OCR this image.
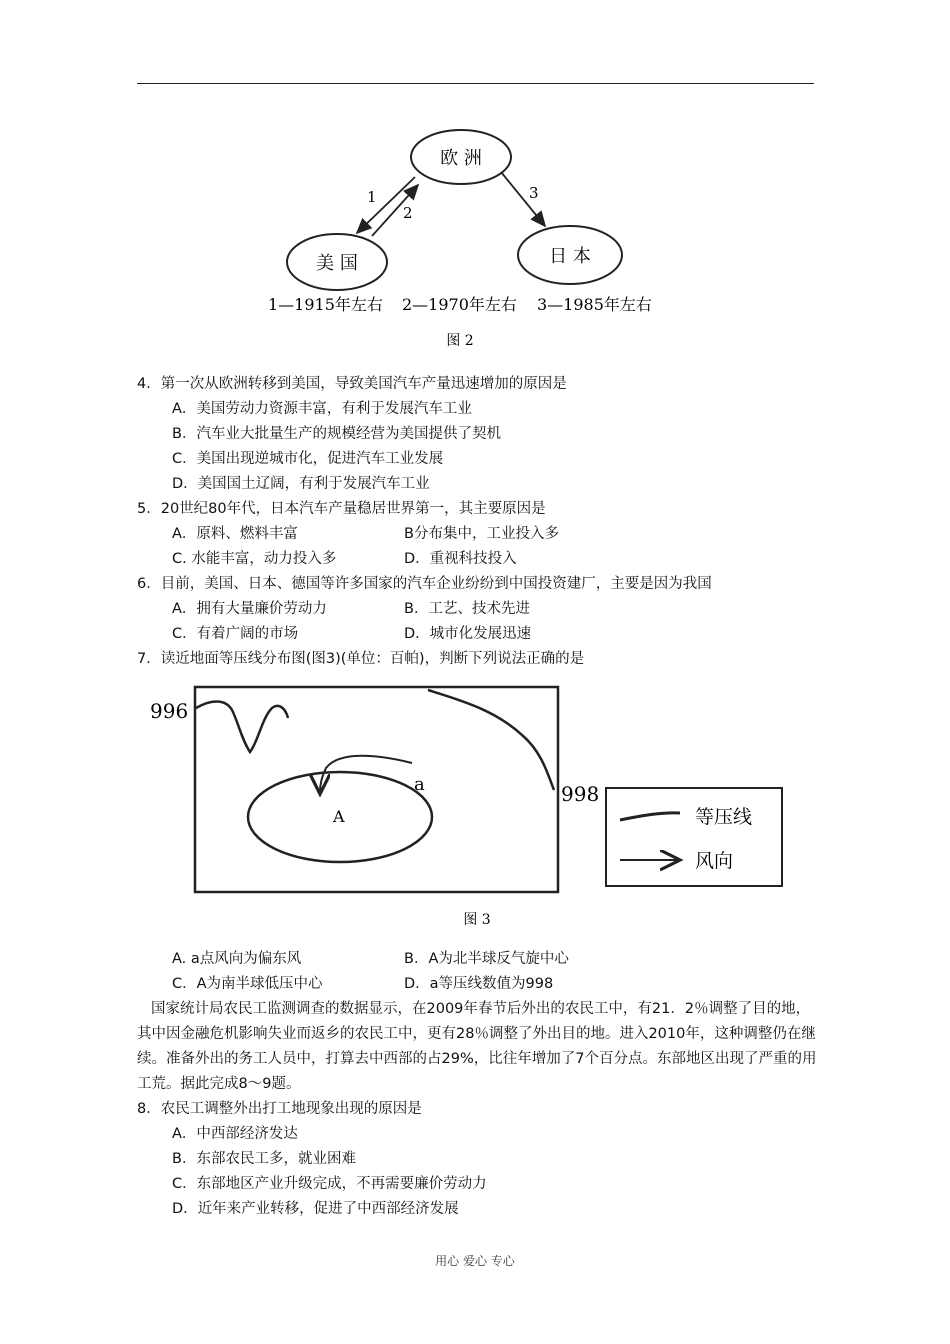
欧 洲
美 国	日 本
1
2
3
1—1915年左右 2—1970年左右 3—1985年左右
图 2
4．第一次从欧洲转移到美国，导致美国汽车产量迅速增加的原因是
A．美国劳动力资源丰富，有利于发展汽车工业
B．汽车业大批量生产的规模经营为美国提供了契机
C．美国出现逆城市化，促进汽车工业发展
D．美国国土辽阔，有利于发展汽车工业
5．20世纪80年代，日本汽车产量稳居世界第一，其主要原因是
A．原料、燃料丰富	B分布集中，工业投入多
C. 水能丰富，动力投入多	D．重视科技投入
6．目前，美国、日本、德国等许多国家的汽车企业纷纷到中国投资建厂，主要是因为我国
A．拥有大量廉价劳动力	B．工艺、技术先进
C．有着广阔的市场	D．城市化发展迅速
7．读近地面等压线分布图(图3)(单位：百帕)，判断下列说法正确的是
996
998
A
a
等压线
风向
图 3
A. a点风向为偏东风	B．A为北半球反气旋中心
C．A为南半球低压中心	D．a等压线数值为998
国家统计局农民工监测调查的数据显示，在2009年春节后外出的农民工中，有21．2％调整了目的地，其中因金融危机影响失业而返乡的农民工中，更有28％调整了外出目的地。进入2010年，这种调整仍在继续。准备外出的务工人员中，打算去中西部的占29%，比往年增加了7个百分点。东部地区出现了严重的用工荒。据此完成8～9题。
8．农民工调整外出打工地现象出现的原因是
A．中西部经济发达
B．东部农民工多，就业困难
C．东部地区产业升级完成，不再需要廉价劳动力
D．近年来产业转移，促进了中西部经济发展
用心 爱心 专心
